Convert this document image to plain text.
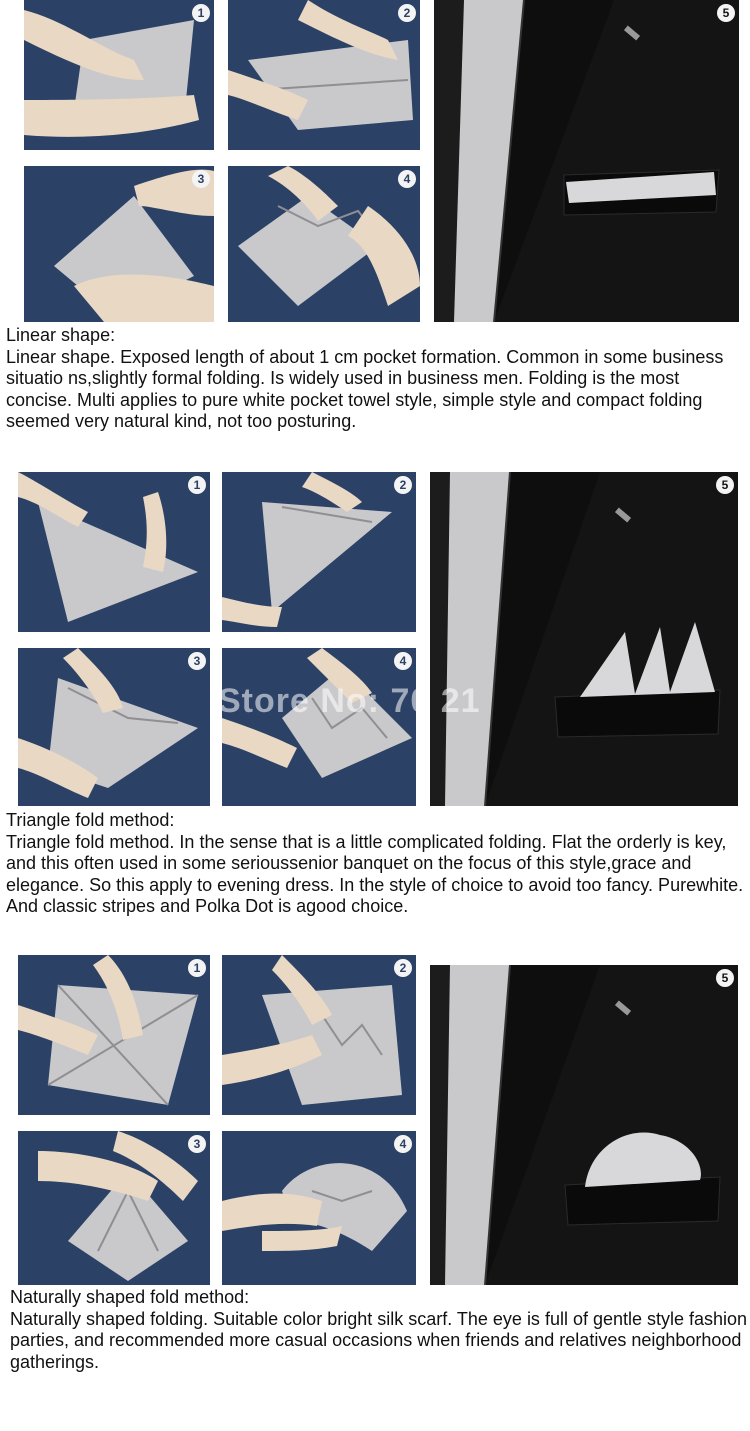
1	2
3	4
5

Linear shape:
Linear shape. Exposed length of about 1 cm pocket formation. Common in some business situatio ns,slightly formal folding. Is widely used in business men. Folding is the most concise. Multi applies to pure white pocket towel style, simple style and compact folding seemed very natural kind, not too posturing.

1	2
3	4
5

Triangle fold method:
Triangle fold method. In the sense that is a little complicated folding. Flat the orderly is key, and this often used in some serioussenior banquet on the focus of this style,grace and elegance. So this apply to evening dress. In the style of choice to avoid too fancy. Purewhite. And classic stripes and Polka Dot is agood choice.

1	2
3	4
5

Naturally shaped fold method:
Naturally shaped folding. Suitable color bright silk scarf. The eye is full of gentle style fashion parties, and recommended more casual occasions when friends and relatives neighborhood gatherings.

Store No: 70 21
